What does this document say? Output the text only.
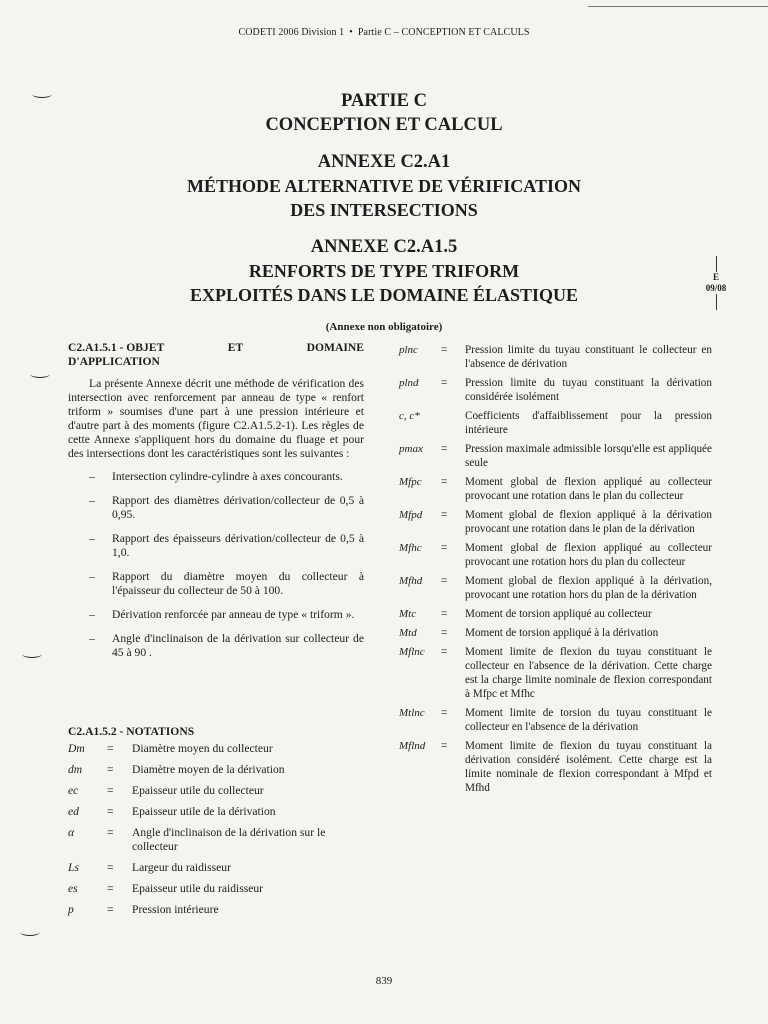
CODETI 2006 Division 1 • Partie C – CONCEPTION ET CALCULS
PARTIE C
CONCEPTION ET CALCUL
ANNEXE C2.A1
MÉTHODE ALTERNATIVE DE VÉRIFICATION
DES INTERSECTIONS
ANNEXE C2.A1.5
RENFORTS DE TYPE TRIFORM
EXPLOITÉS DANS LE DOMAINE ÉLASTIQUE
E
09/08
(Annexe non obligatoire)
C2.A1.5.1 - OBJET	ET	DOMAINE
D'APPLICATION
La présente Annexe décrit une méthode de vérification des intersection avec renforcement par anneau de type « renfort triform » soumises d'une part à une pression intérieure et d'autre part à des moments (figure C2.A1.5.2-1). Les règles de cette Annexe s'appliquent hors du domaine du fluage et pour des intersections dont les caractéristiques sont les suivantes :
–	Intersection cylindre-cylindre à axes concourants.
–	Rapport des diamètres dérivation/collecteur de 0,5 à 0,95.
–	Rapport des épaisseurs dérivation/collecteur de 0,5 à 1,0.
–	Rapport du diamètre moyen du collecteur à l'épaisseur du collecteur de 50 à 100.
–	Dérivation renforcée par anneau de type « triform ».
–	Angle d'inclinaison de la dérivation sur collecteur de 45 à 90 .
C2.A1.5.2 - NOTATIONS
Dm	=	Diamètre moyen du collecteur
dm	=	Diamètre moyen de la dérivation
ec	=	Epaisseur utile du collecteur
ed	=	Epaisseur utile de la dérivation
α	=	Angle d'inclinaison de la dérivation sur le collecteur
Ls	=	Largeur du raidisseur
es	=	Epaisseur utile du raidisseur
p	=	Pression intérieure
plnc	=	Pression limite du tuyau constituant le collecteur en l'absence de dérivation
plnd	=	Pression limite du tuyau constituant la dérivation considérée isolément
c, c*	Coefficients d'affaiblissement pour la pression intérieure
pmax	=	Pression maximale admissible lorsqu'elle est appliquée seule
Mfpc	=	Moment global de flexion appliqué au collecteur provocant une rotation dans le plan du collecteur
Mfpd	=	Moment global de flexion appliqué à la dérivation provocant une rotation dans le plan de la dérivation
Mfhc	=	Moment global de flexion appliqué au collecteur provocant une rotation hors du plan du collecteur
Mfhd	=	Moment global de flexion appliqué à la dérivation, provocant une rotation hors du plan de la dérivation
Mtc	=	Moment de torsion appliqué au collecteur
Mtd	=	Moment de torsion appliqué à la dérivation
Mflnc	=	Moment limite de flexion du tuyau constituant le collecteur en l'absence de la dérivation. Cette charge est la charge limite nominale de flexion correspondant à Mfpc et Mfhc
Mtlnc	=	Moment limite de torsion du tuyau constituant le collecteur en l'absence de la dérivation
Mflnd	=	Moment limite de flexion du tuyau constituant la dérivation considéré isolément. Cette charge est la limite nominale de flexion correspondant à Mfpd et Mfhd
839
